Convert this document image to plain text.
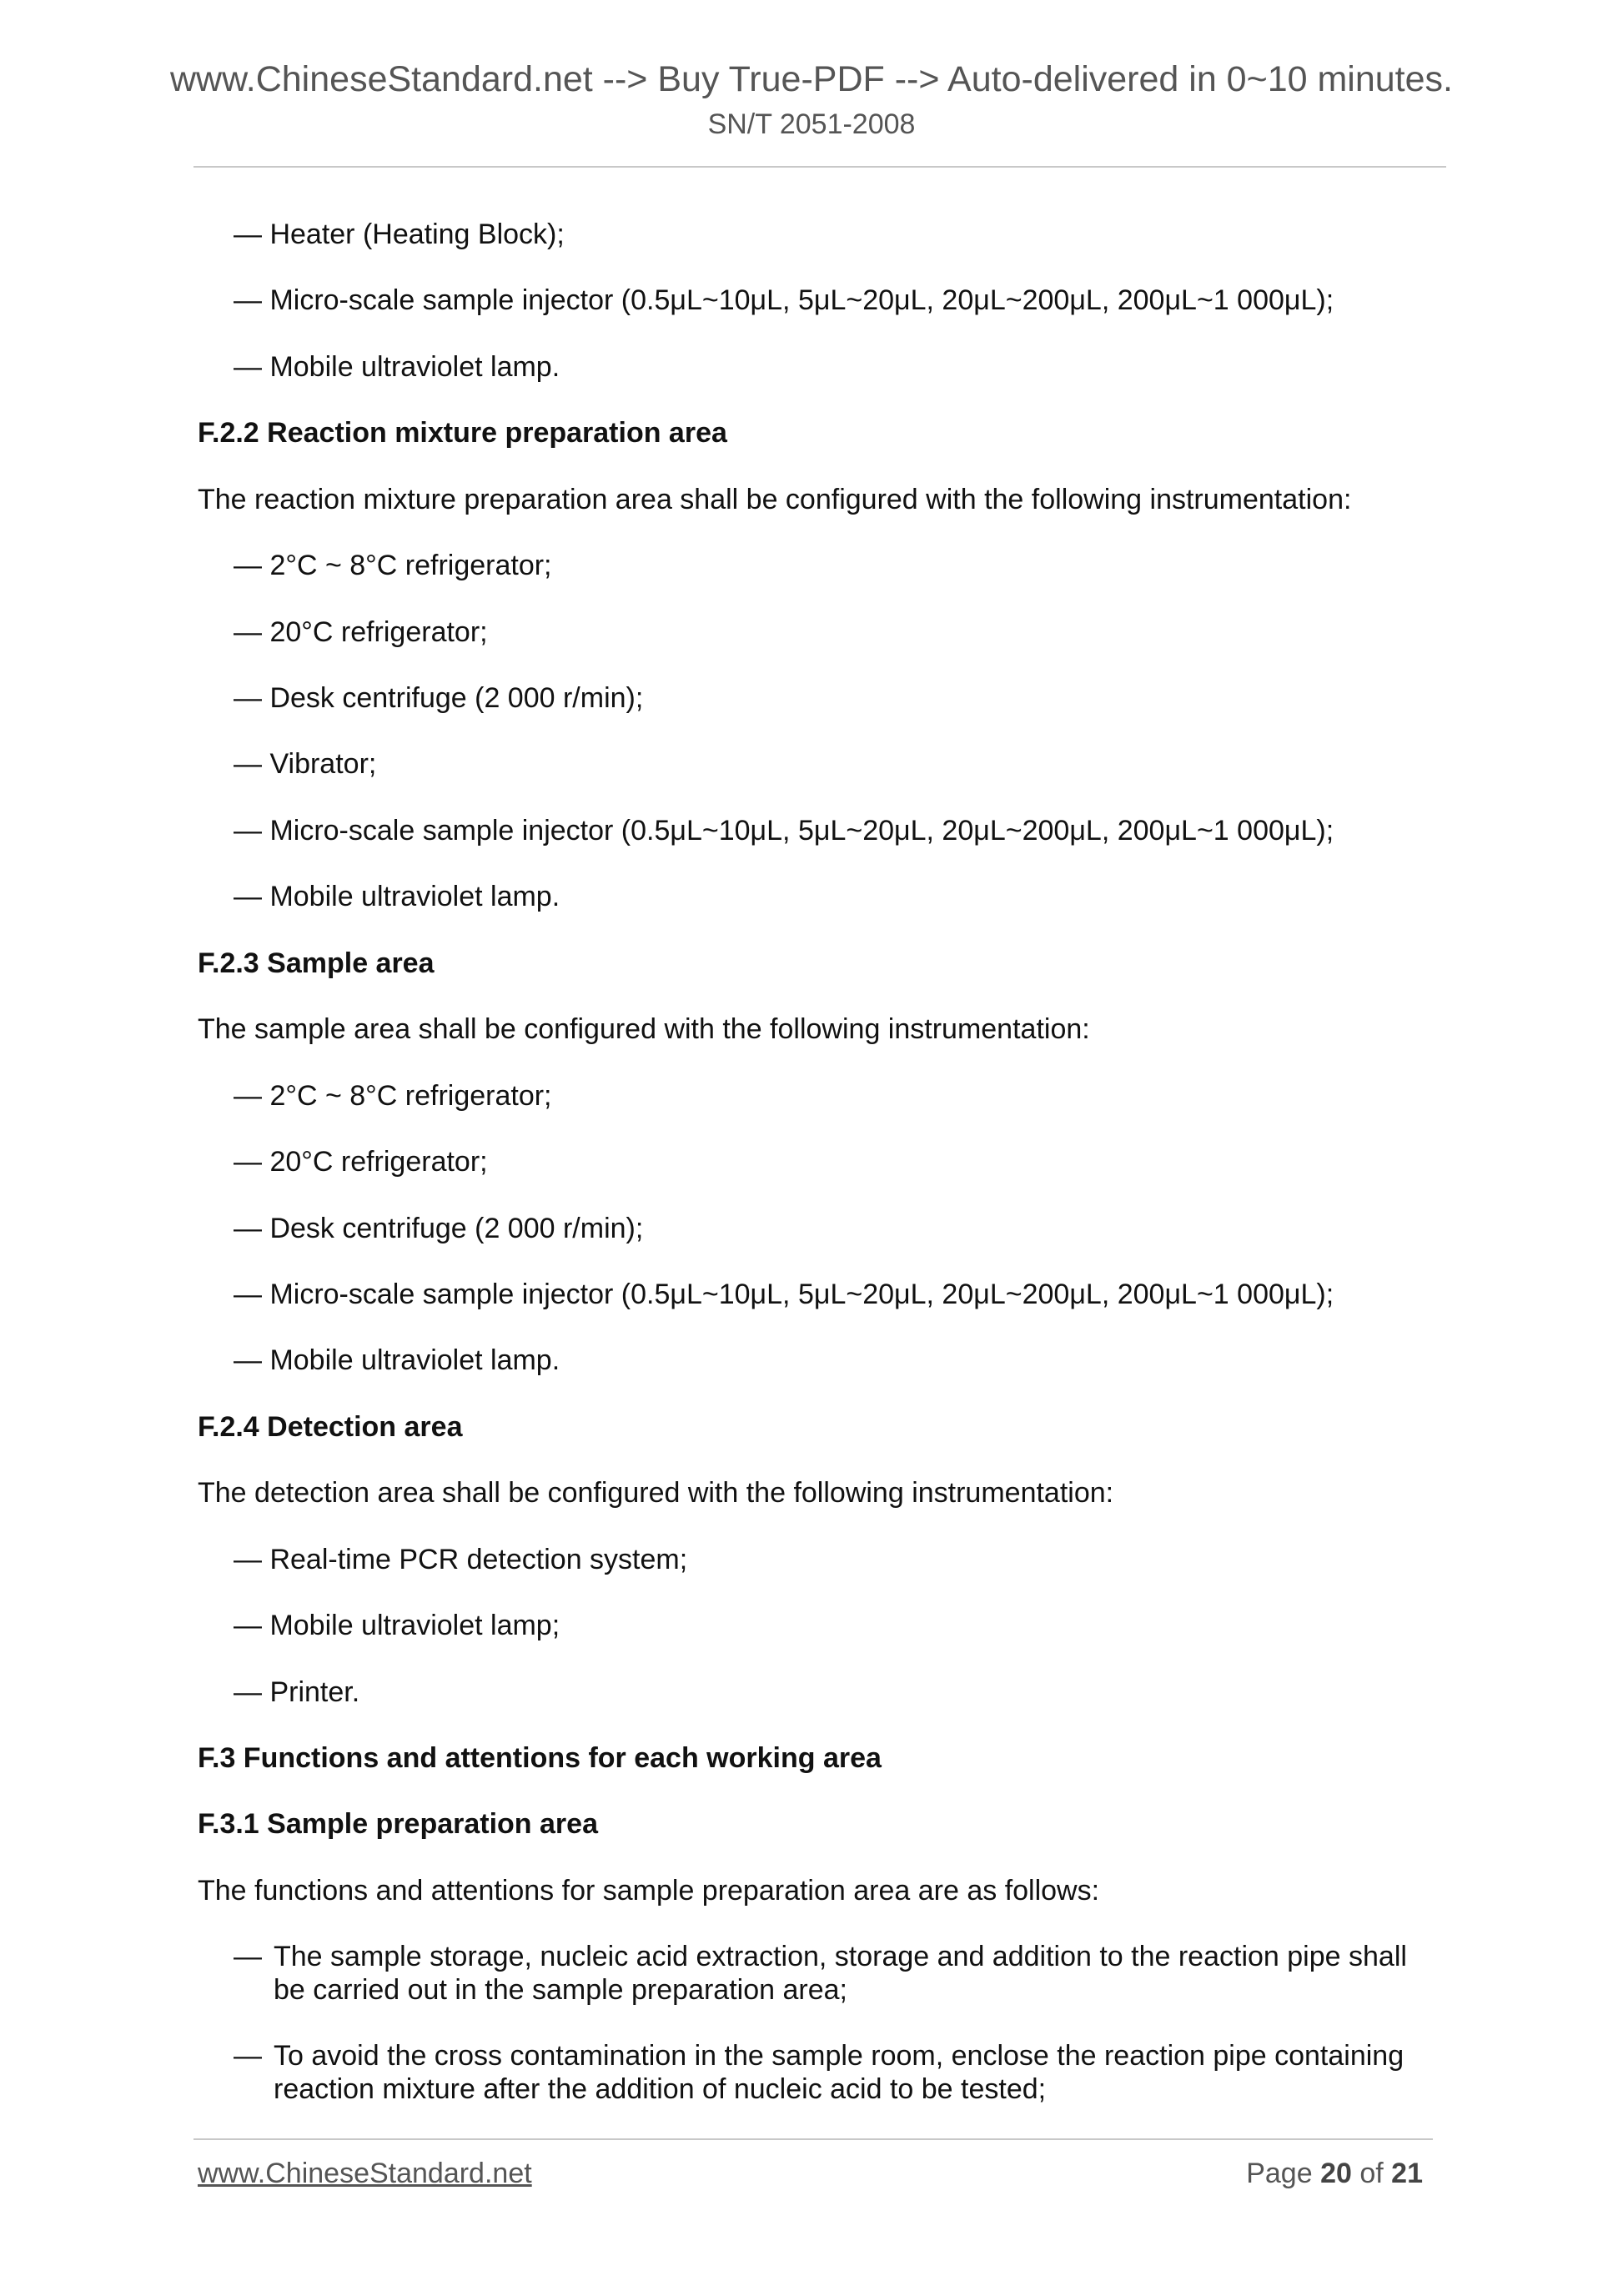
www.ChineseStandard.net --> Buy True-PDF --> Auto-delivered in 0~10 minutes.
SN/T 2051-2008
— Heater (Heating Block);
— Micro-scale sample injector (0.5μL~10μL, 5μL~20μL, 20μL~200μL, 200μL~1 000μL);
— Mobile ultraviolet lamp.
F.2.2 Reaction mixture preparation area
The reaction mixture preparation area shall be configured with the following instrumentation:
— 2°C ~ 8°C refrigerator;
— 20°C refrigerator;
— Desk centrifuge (2 000 r/min);
— Vibrator;
— Micro-scale sample injector (0.5μL~10μL, 5μL~20μL, 20μL~200μL, 200μL~1 000μL);
— Mobile ultraviolet lamp.
F.2.3 Sample area
The sample area shall be configured with the following instrumentation:
— 2°C ~ 8°C refrigerator;
— 20°C refrigerator;
— Desk centrifuge (2 000 r/min);
— Micro-scale sample injector (0.5μL~10μL, 5μL~20μL, 20μL~200μL, 200μL~1 000μL);
— Mobile ultraviolet lamp.
F.2.4 Detection area
The detection area shall be configured with the following instrumentation:
— Real-time PCR detection system;
— Mobile ultraviolet lamp;
— Printer.
F.3 Functions and attentions for each working area
F.3.1 Sample preparation area
The functions and attentions for sample preparation area are as follows:
— The sample storage, nucleic acid extraction, storage and addition to the reaction pipe shall be carried out in the sample preparation area;
— To avoid the cross contamination in the sample room, enclose the reaction pipe containing reaction mixture after the addition of nucleic acid to be tested;
www.ChineseStandard.net	Page 20 of 21
